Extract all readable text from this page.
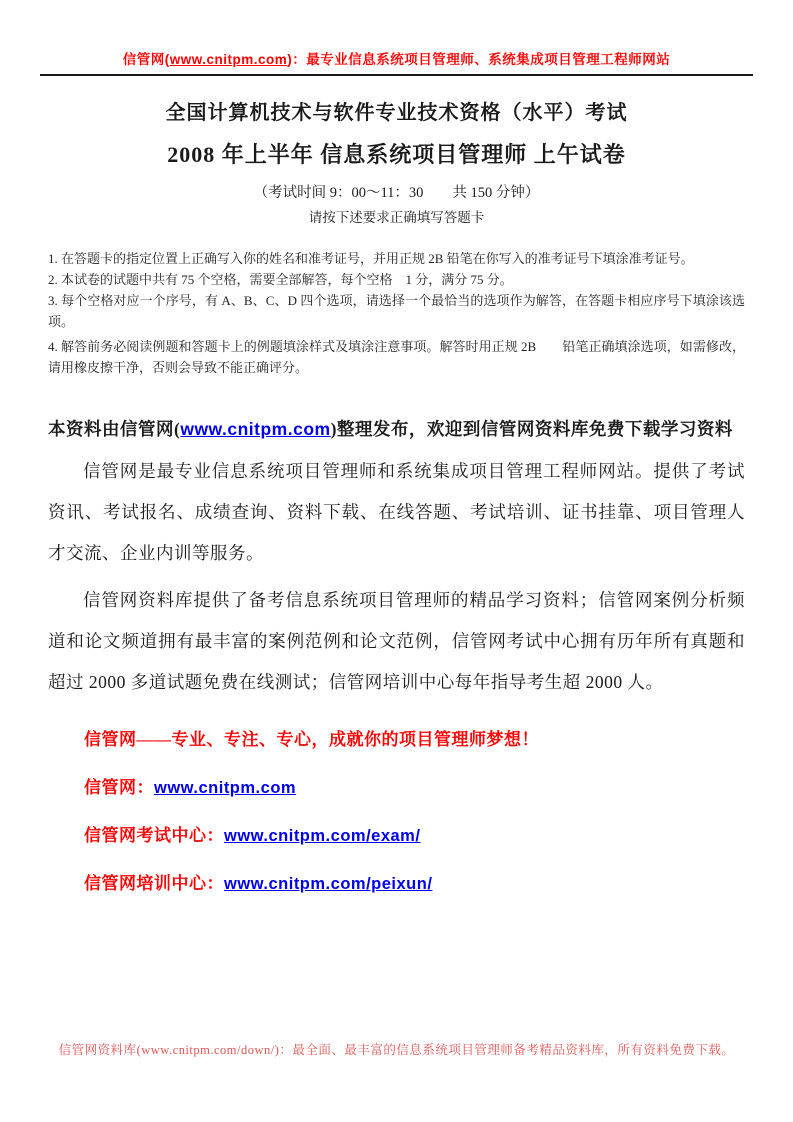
信管网(www.cnitpm.com)：最专业信息系统项目管理师、系统集成项目管理工程师网站
全国计算机技术与软件专业技术资格（水平）考试
2008 年上半年 信息系统项目管理师 上午试卷
（考试时间 9：00～11：30　　共 150 分钟）
请按下述要求正确填写答题卡
1. 在答题卡的指定位置上正确写入你的姓名和准考证号，并用正规 2B 铅笔在你写入的准考证号下填涂准考证号。
2. 本试卷的试题中共有 75 个空格，需要全部解答，每个空格　1 分，满分 75 分。
3. 每个空格对应一个序号，有 A、B、C、D 四个选项，请选择一个最恰当的选项作为解答，在答题卡相应序号下填涂该选项。
4. 解答前务必阅读例题和答题卡上的例题填涂样式及填涂注意事项。解答时用正规 2B　　铅笔正确填涂选项，如需修改，请用橡皮擦干净，否则会导致不能正确评分。
本资料由信管网(www.cnitpm.com)整理发布，欢迎到信管网资料库免费下载学习资料
信管网是最专业信息系统项目管理师和系统集成项目管理工程师网站。提供了考试资讯、考试报名、成绩查询、资料下载、在线答题、考试培训、证书挂靠、项目管理人才交流、企业内训等服务。
信管网资料库提供了备考信息系统项目管理师的精品学习资料；信管网案例分析频道和论文频道拥有最丰富的案例范例和论文范例，信管网考试中心拥有历年所有真题和超过 2000 多道试题免费在线测试；信管网培训中心每年指导考生超 2000 人。
信管网——专业、专注、专心，成就你的项目管理师梦想！
信管网：www.cnitpm.com
信管网考试中心：www.cnitpm.com/exam/
信管网培训中心：www.cnitpm.com/peixun/
信管网资料库(www.cnitpm.com/down/)：最全面、最丰富的信息系统项目管理师备考精品资料库，所有资料免费下载。
